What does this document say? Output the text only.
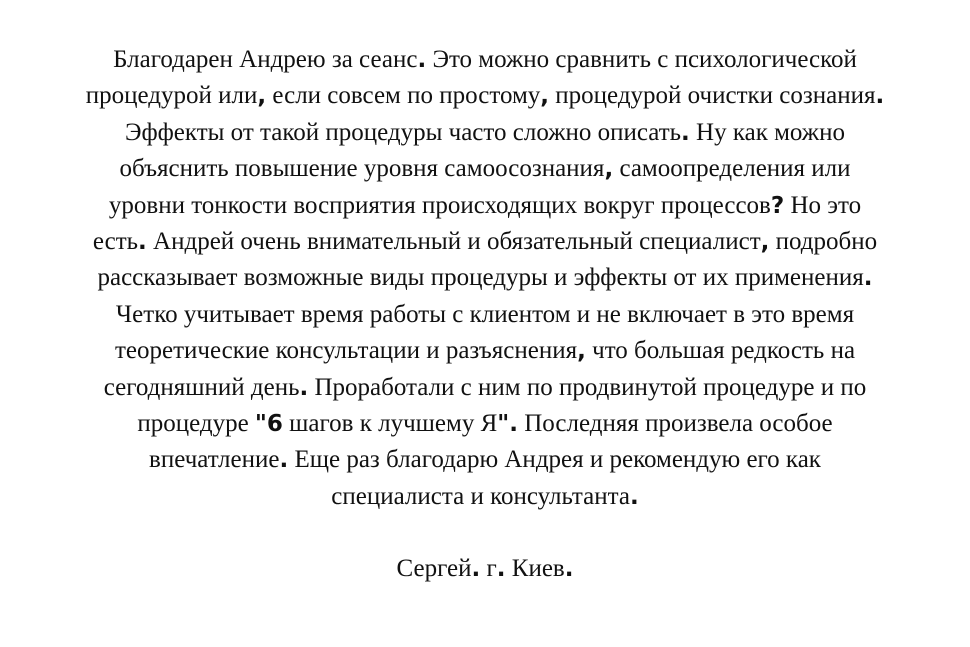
Благодарен Андрею за сеанс. Это можно сравнить с психологической
процедурой или, если совсем по простому, процедурой очистки сознания.
Эффекты от такой процедуры часто сложно описать. Ну как можно
объяснить повышение уровня самоосознания, самоопределения или
уровни тонкости восприятия происходящих вокруг процессов? Но это
есть. Андрей очень внимательный и обязательный специалист, подробно
рассказывает возможные виды процедуры и эффекты от их применения.
Четко учитывает время работы с клиентом и не включает в это время
теоретические консультации и разъяснения, что большая редкость на
сегодняшний день. Проработали с ним по продвинутой процедуре и по
процедуре "6 шагов к лучшему Я". Последняя произвела особое
впечатление. Еще раз благодарю Андрея и рекомендую его как
специалиста и консультанта.

Сергей. г. Киев.
